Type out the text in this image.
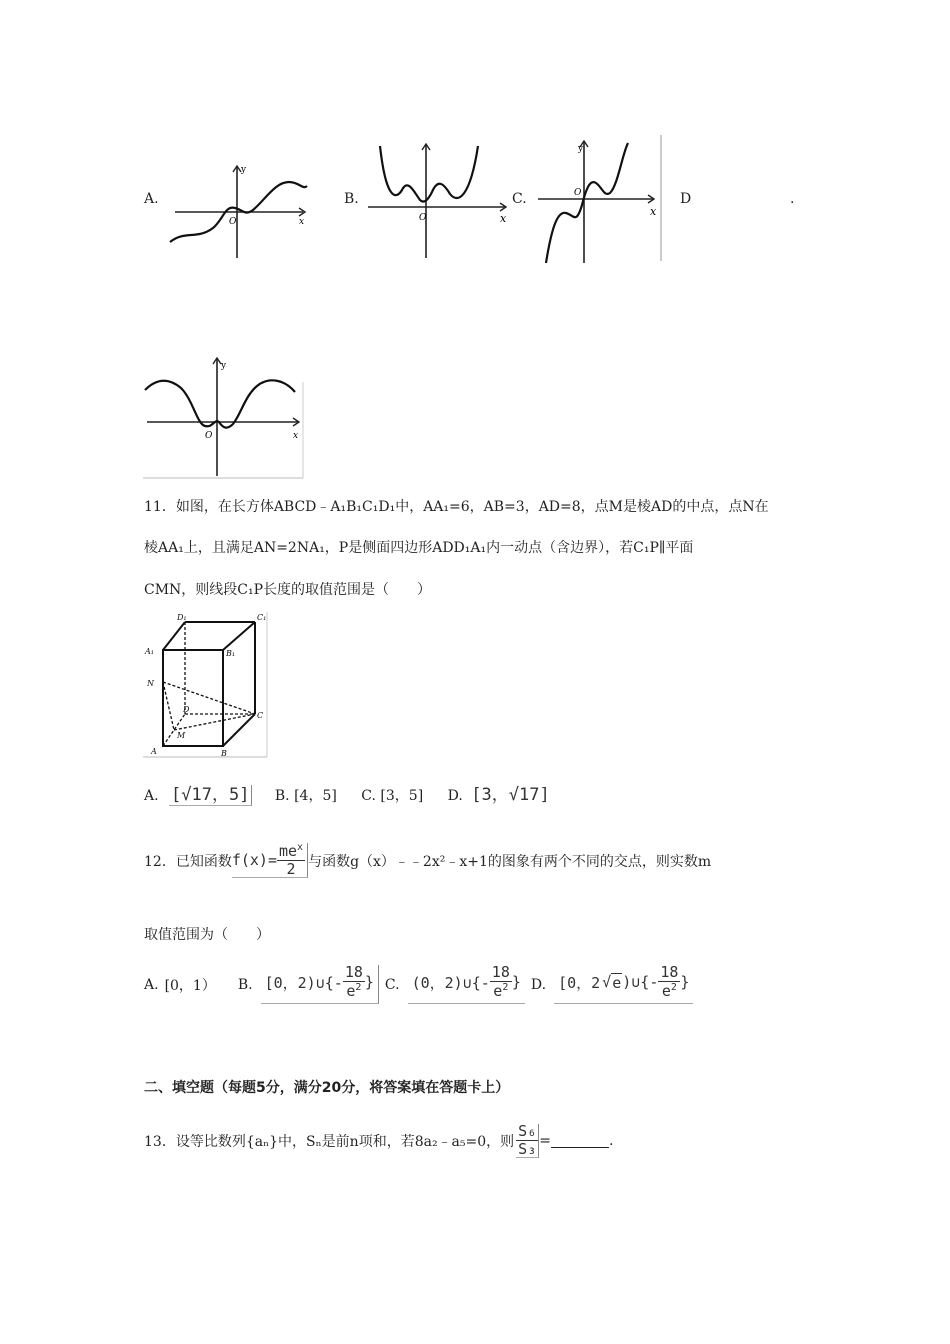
A.
y
O	x
B.
O	x
C.	O
x
y
D	.
y
O	x
11．如图，在长方体ABCD﹣A₁B₁C₁D₁中，AA₁=6，AB=3，AD=8，点M是棱AD的中点，点N在
棱AA₁上，且满足AN=2NA₁，P是侧面四边形ADD₁A₁内一动点（含边界），若C₁P∥平面
CMN，则线段C₁P长度的取值范围是（　　）
D₁	C₁
A₁	B₁
N
D
C
M
A	B
A. [√17，5] B. [4，5] C. [3，5] D. [3，√17]
12．已知函数 $f(x)= \frac{me^x}{2}$ 与函数g（x）﹣﹣2x²﹣x+1的图象有两个不同的交点，则实数m
取值范围为（　　）
A. [0，1） B. [0，2)∪{- $\frac{18}{e^2}$ } C. (0，2)∪{- $\frac{18}{e^2}$ } D. [0，2 √ e )∪{- $\frac{18}{e^2}$ }
二、填空题（每题5分，满分20分，将答案填在答题卡上）
13．设等比数列{aₙ}中，Sₙ是前n项和，若8a₂﹣a₅=0，则 $\frac{\text{S₆}}{\text{S₃}}$ =	.
